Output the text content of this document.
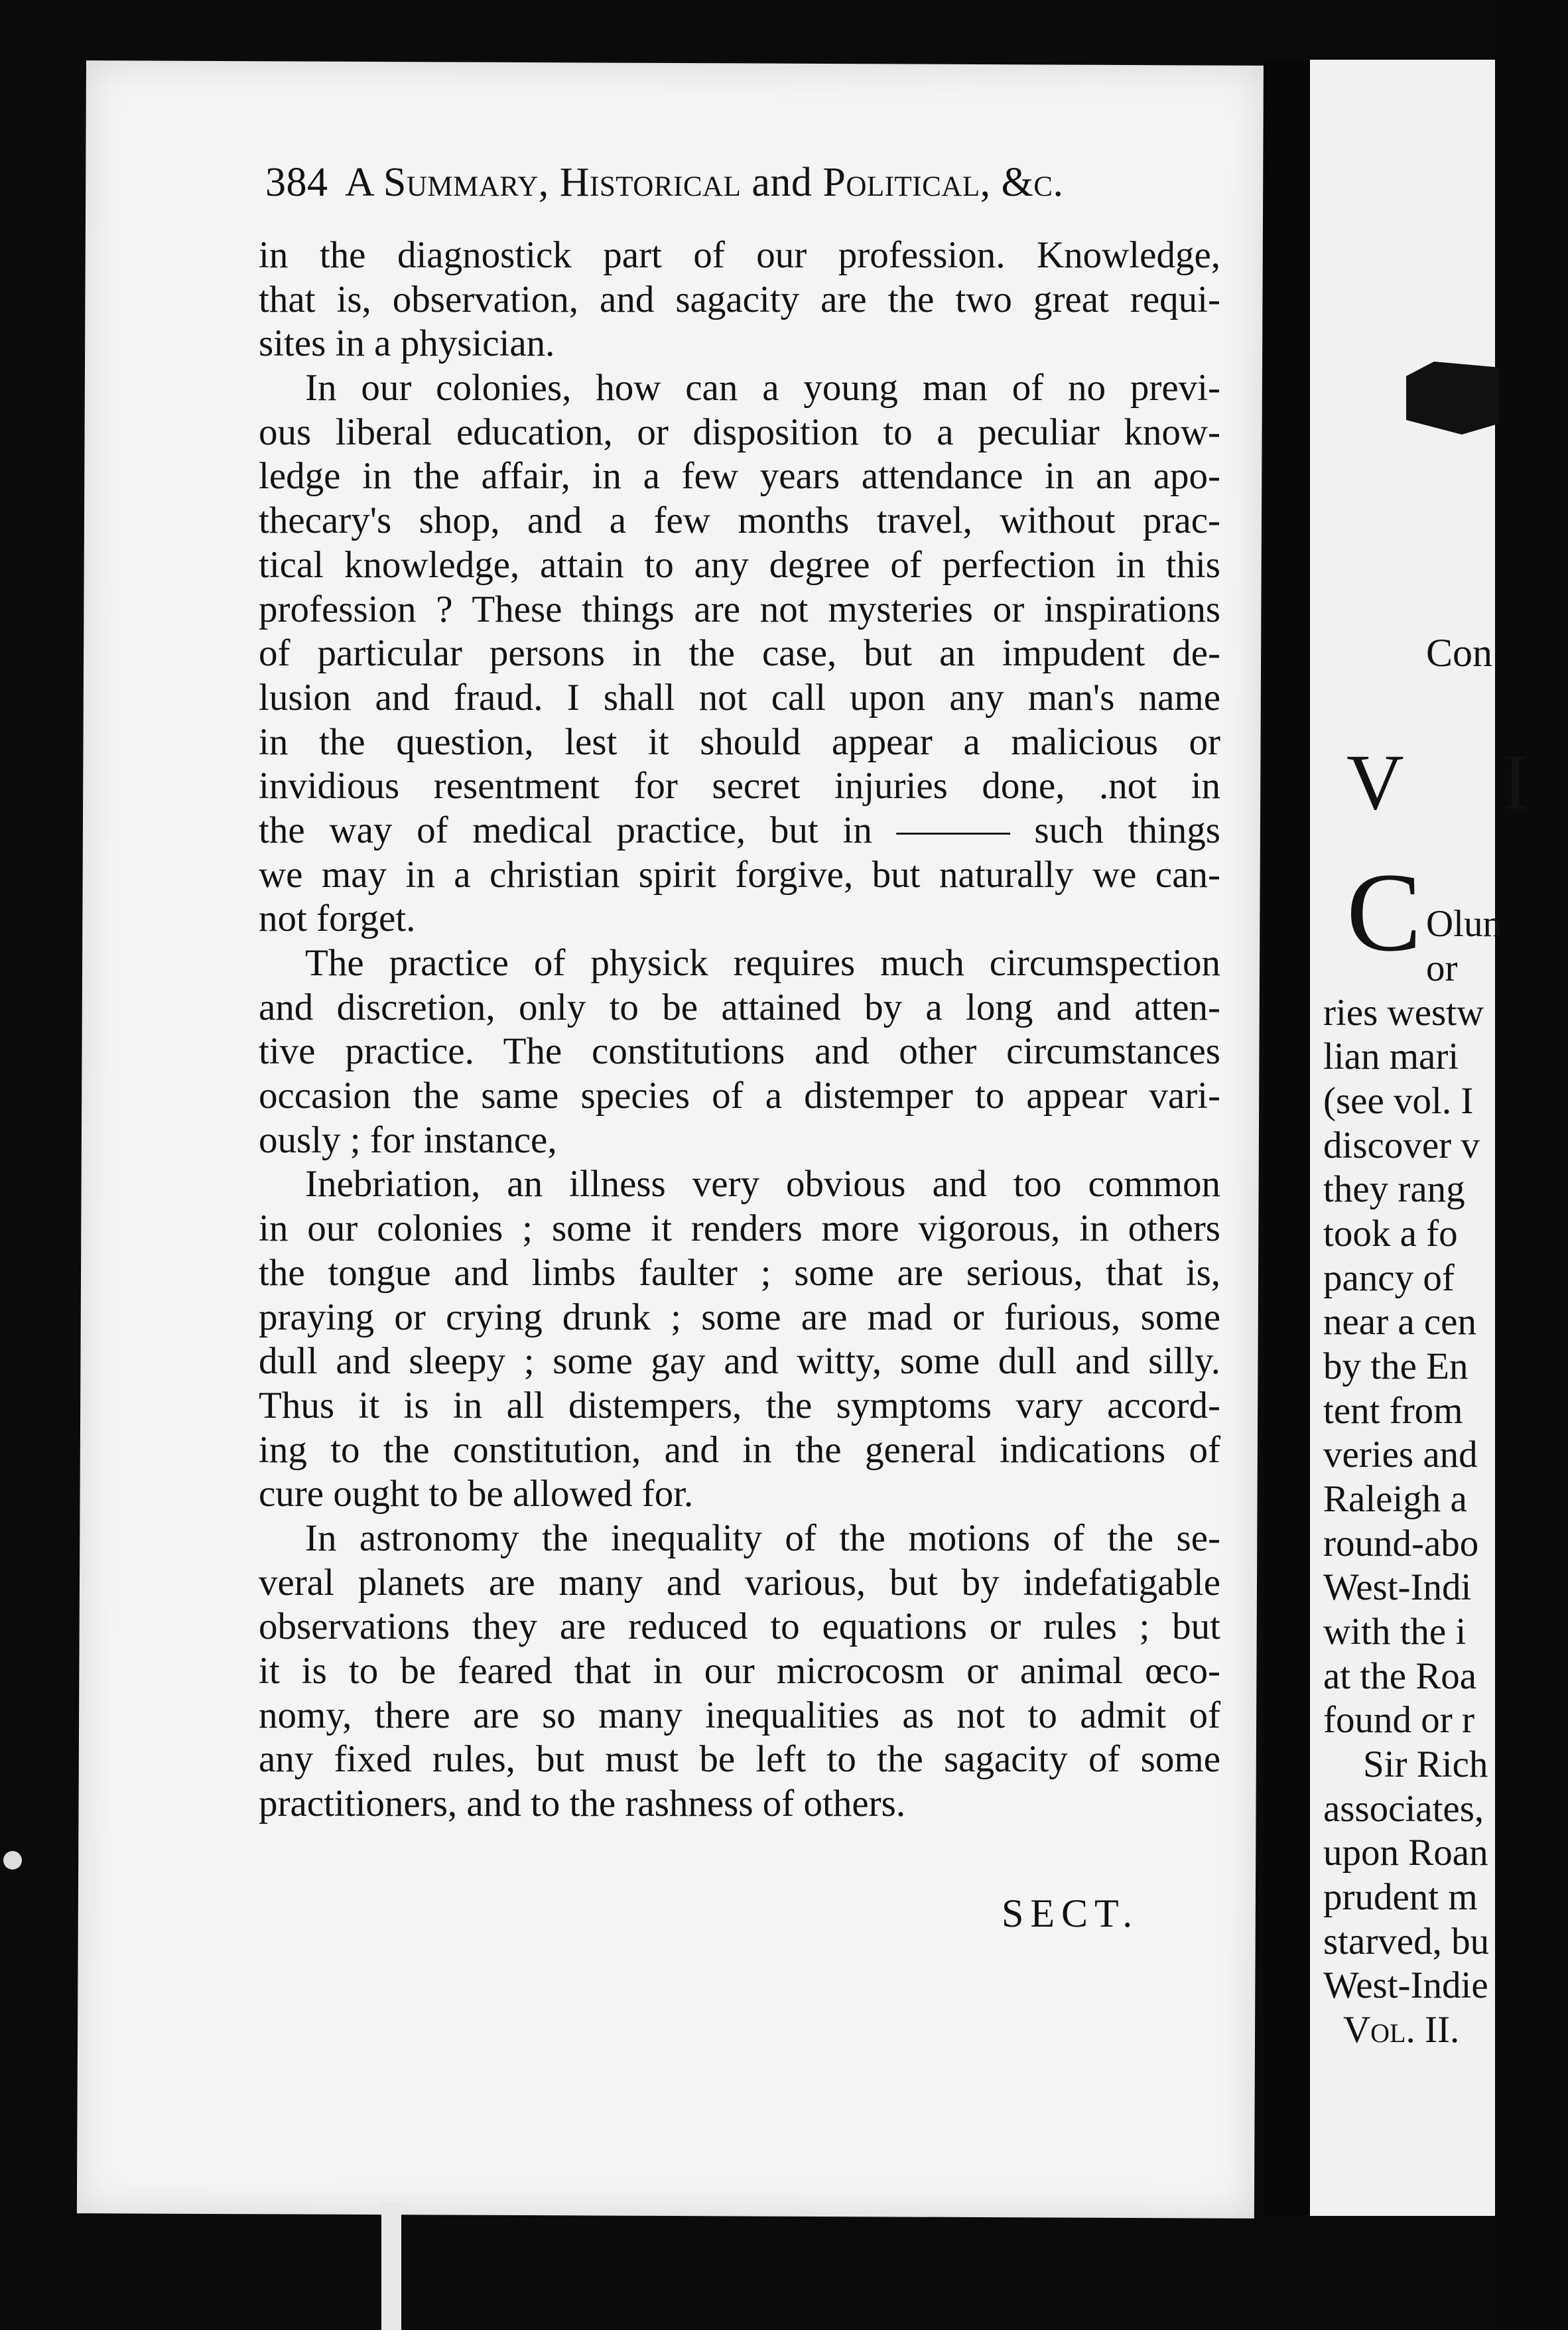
Con
V I
C Olun
or
ries westw
lian mari
(see vol. I
discover v
they rang
took a fo
pancy of
near a cen
by the En
tent from
veries and
Raleigh a
round-abo
West-Indi
with the i
at the Roa
found or r
Sir Rich
associates,
upon Roan
prudent m
starved, bu
West-Indie
Vol. II.
384 A Summary, Historical and Political, &c.
in the diagnostick part of our profession. Knowledge,
that is, observation, and sagacity are the two great requi-
sites in a physician.
In our colonies, how can a young man of no previ-
ous liberal education, or disposition to a peculiar know-
ledge in the affair, in a few years attendance in an apo-
thecary's shop, and a few months travel, without prac-
tical knowledge, attain to any degree of perfection in this
profession ? These things are not mysteries or inspirations
of particular persons in the case, but an impudent de-
lusion and fraud. I shall not call upon any man's name
in the question, lest it should appear a malicious or
invidious resentment for secret injuries done, .not in
the way of medical practice, but in ——— such things
we may in a christian spirit forgive, but naturally we can-
not forget.
The practice of physick requires much circumspection
and discretion, only to be attained by a long and atten-
tive practice. The constitutions and other circumstances
occasion the same species of a distemper to appear vari-
ously ; for instance,
Inebriation, an illness very obvious and too common
in our colonies ; some it renders more vigorous, in others
the tongue and limbs faulter ; some are serious, that is,
praying or crying drunk ; some are mad or furious, some
dull and sleepy ; some gay and witty, some dull and silly.
Thus it is in all distempers, the symptoms vary accord-
ing to the constitution, and in the general indications of
cure ought to be allowed for.
In astronomy the inequality of the motions of the se-
veral planets are many and various, but by indefatigable
observations they are reduced to equations or rules ; but
it is to be feared that in our microcosm or animal œco-
nomy, there are so many inequalities as not to admit of
any fixed rules, but must be left to the sagacity of some
practitioners, and to the rashness of others.
SECT.
